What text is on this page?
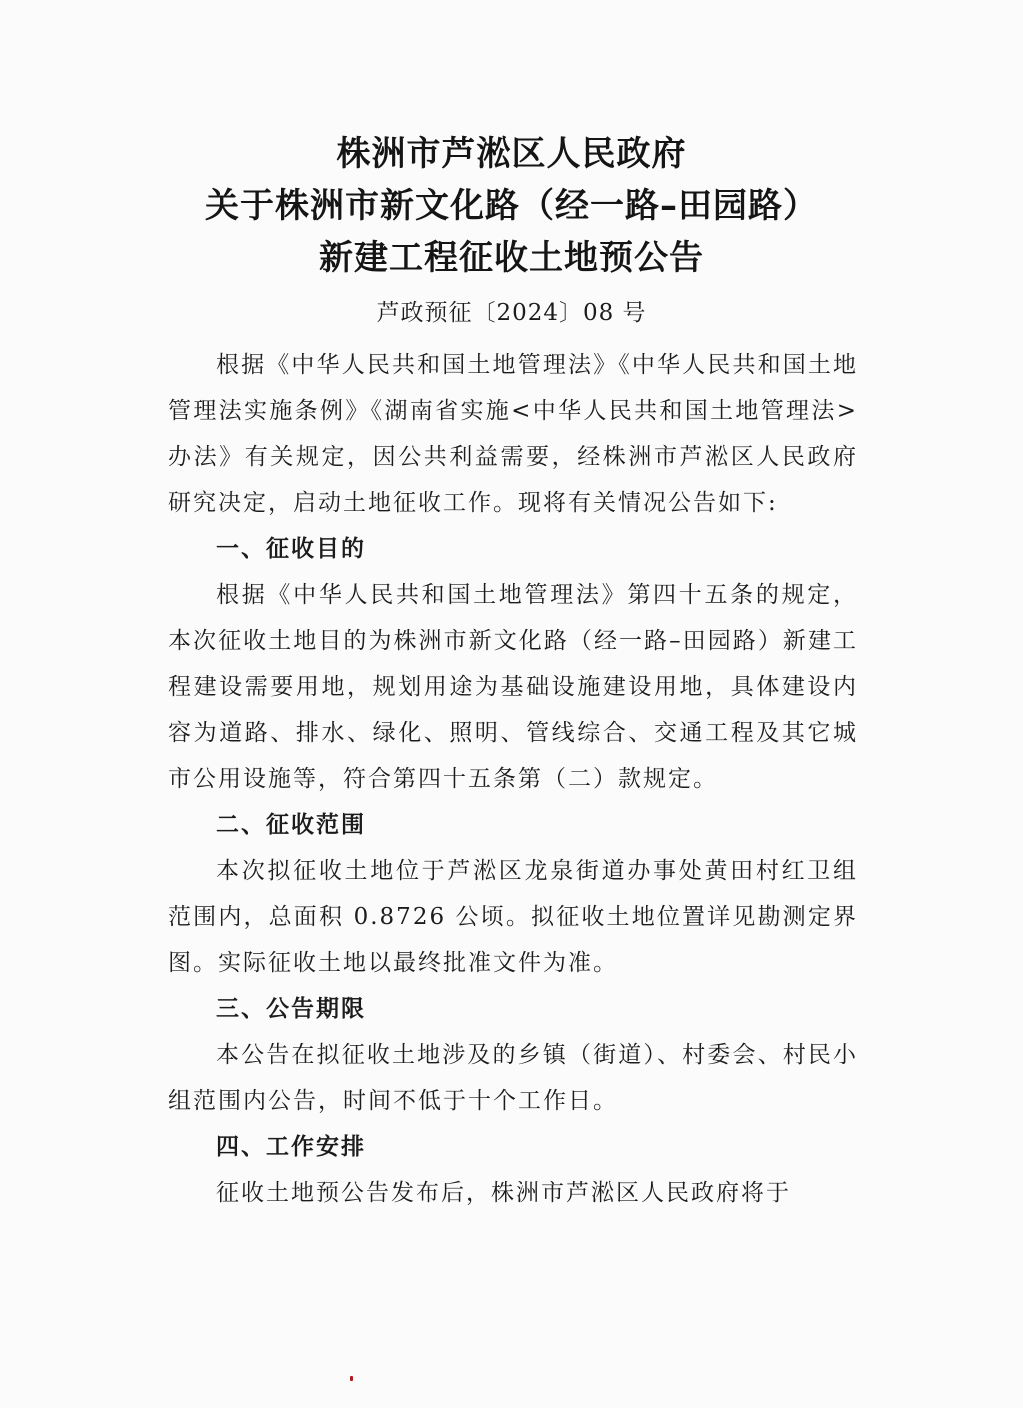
株洲市芦淞区人民政府
关于株洲市新文化路（经一路–田园路）
新建工程征收土地预公告
芦政预征〔2024〕08 号

根据《中华人民共和国土地管理法》《中华人民共和国土地管理法实施条例》《湖南省实施<中华人民共和国土地管理法>办法》有关规定，因公共利益需要，经株洲市芦淞区人民政府研究决定，启动土地征收工作。现将有关情况公告如下:

一、征收目的

根据《中华人民共和国土地管理法》第四十五条的规定，本次征收土地目的为株洲市新文化路（经一路–田园路）新建工程建设需要用地，规划用途为基础设施建设用地，具体建设内容为道路、排水、绿化、照明、管线综合、交通工程及其它城市公用设施等，符合第四十五条第（二）款规定。

二、征收范围

本次拟征收土地位于芦淞区龙泉街道办事处黄田村红卫组范围内，总面积 0.8726 公顷。拟征收土地位置详见勘测定界图。实际征收土地以最终批准文件为准。

三、公告期限

本公告在拟征收土地涉及的乡镇（街道）、村委会、村民小组范围内公告，时间不低于十个工作日。

四、工作安排

征收土地预公告发布后，株洲市芦淞区人民政府将于
